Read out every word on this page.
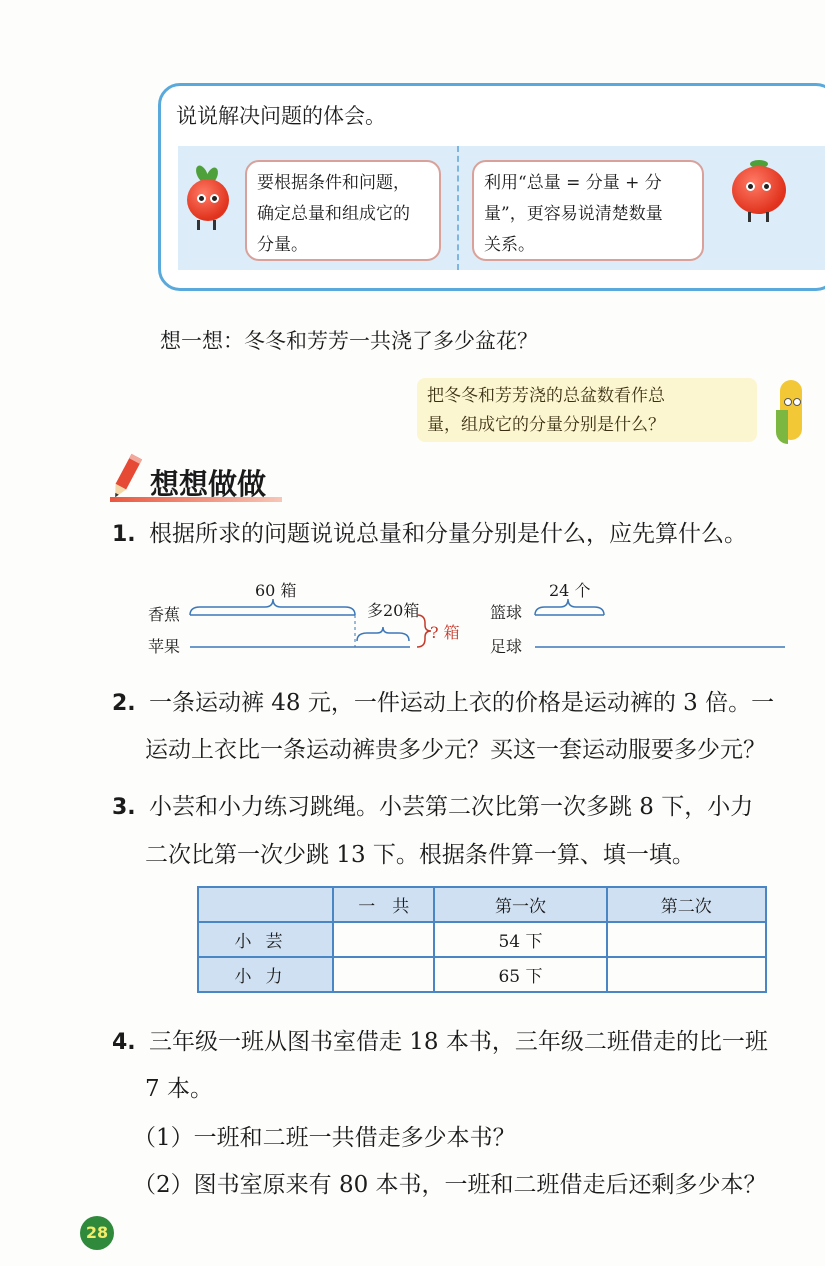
说说解决问题的体会。
要根据条件和问题，
确定总量和组成它的
分量。
利用“总量 = 分量 + 分
量”，更容易说清楚数量
关系。
想一想：冬冬和芳芳一共浇了多少盆花？
把冬冬和芳芳浇的总盆数看作总
量，组成它的分量分别是什么？
想想做做
1. 根据所求的问题说说总量和分量分别是什么，应先算什么。
60 箱
多20箱
香蕉
苹果
? 箱
24 个
篮球
足球
2. 一条运动裤 48 元，一件运动上衣的价格是运动裤的 3 倍。一
运动上衣比一条运动裤贵多少元？买这一套运动服要多少元？
3. 小芸和小力练习跳绳。小芸第二次比第一次多跳 8 下，小力
二次比第一次少跳 13 下。根据条件算一算、填一填。
	一　共	第一次	第二次
小芸		54 下	
小力		65 下	
4. 三年级一班从图书室借走 18 本书，三年级二班借走的比一班
7 本。
（1）一班和二班一共借走多少本书？
（2）图书室原来有 80 本书，一班和二班借走后还剩多少本？
28
